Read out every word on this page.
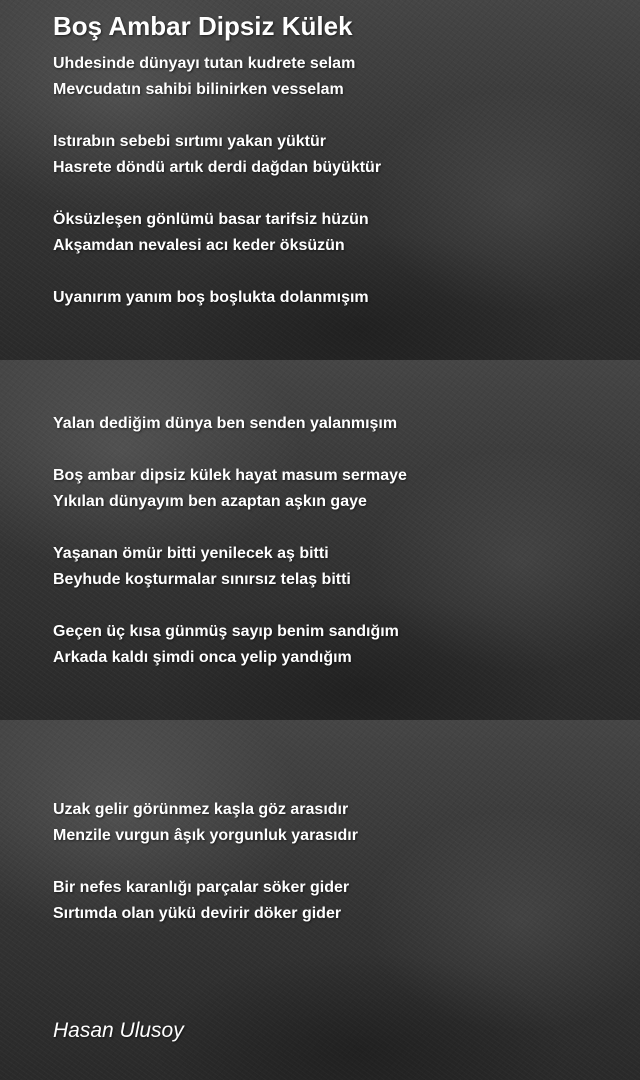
Boş Ambar Dipsiz Külek

Uhdesinde dünyayı tutan kudrete selam

Mevcudatın sahibi bilinirken vesselam

Istırabın sebebi sırtımı yakan yüktür

Hasrete döndü artık derdi dağdan büyüktür

Öksüzleşen gönlümü basar tarifsiz hüzün

Akşamdan nevalesi acı keder öksüzün

Uyanırım yanım boş boşlukta dolanmışım

Yalan dediğim dünya ben senden yalanmışım

Boş ambar dipsiz külek hayat masum sermaye

Yıkılan dünyayım ben azaptan aşkın gaye

Yaşanan ömür bitti yenilecek aş bitti

Beyhude koşturmalar sınırsız telaş bitti

Geçen üç kısa günmüş sayıp benim sandığım

Arkada kaldı şimdi onca yelip yandığım

Uzak gelir görünmez kaşla göz arasıdır

Menzile vurgun âşık yorgunluk yarasıdır

Bir nefes karanlığı parçalar söker gider

Sırtımda olan yükü devirir döker gider

Hasan Ulusoy
